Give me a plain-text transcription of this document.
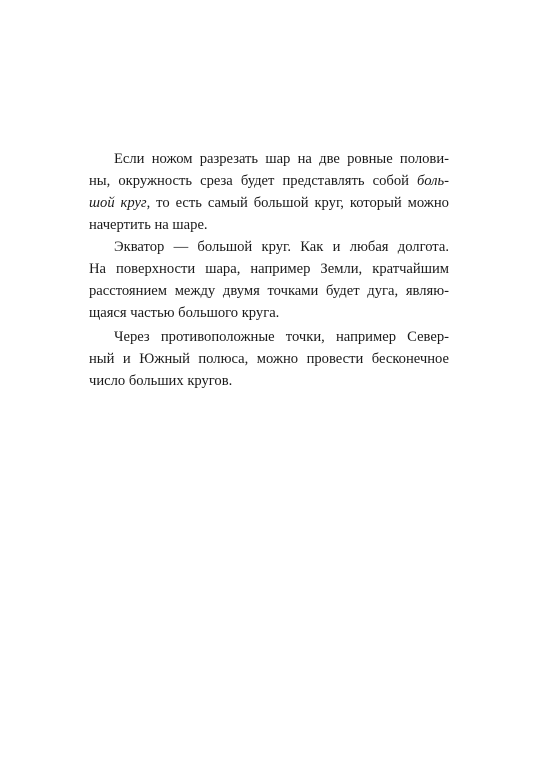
Если ножом разрезать шар на две ровные полови-
ны, окружность среза будет представлять собой боль-
шой круг, то есть самый большой круг, который можно
начертить на шаре.
Экватор — большой круг. Как и любая долгота.
На поверхности шара, например Земли, кратчайшим
расстоянием между двумя точками будет дуга, являю-
щаяся частью большого круга.
Через противоположные точки, например Север-
ный и Южный полюса, можно провести бесконечное
число больших кругов.
